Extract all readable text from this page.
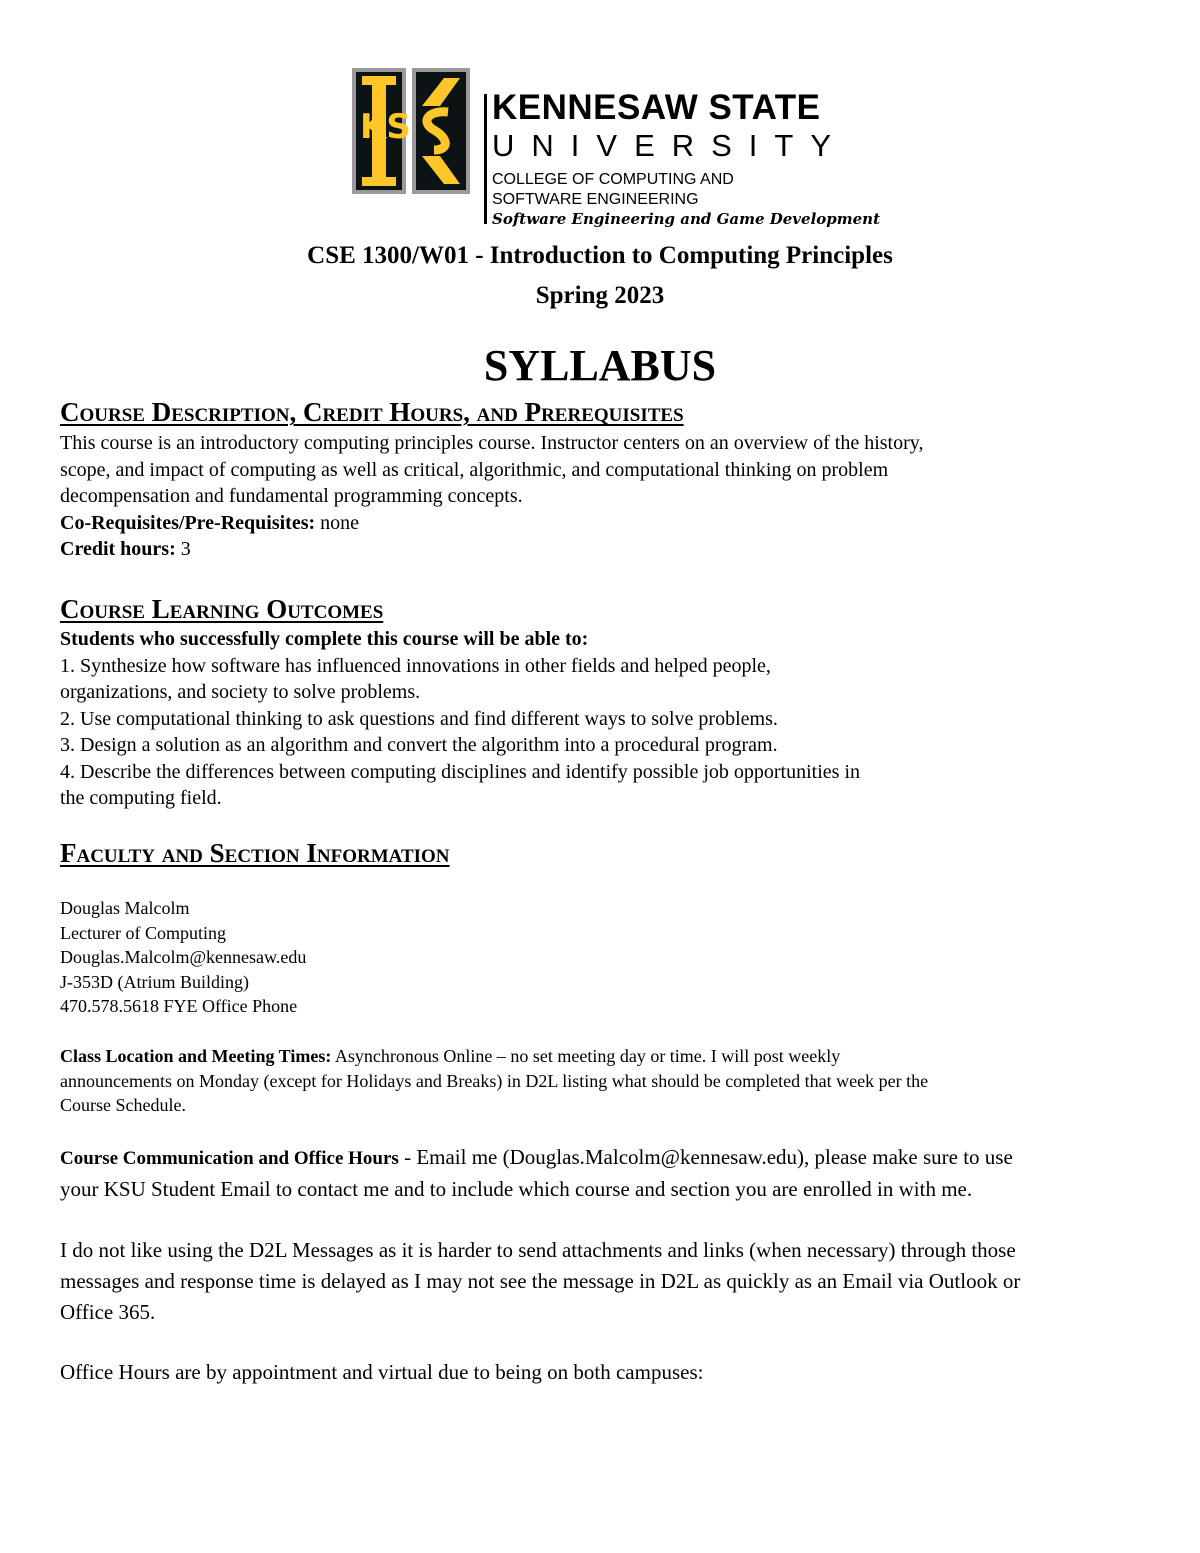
KS KENNESAW STATE
UNIVERSITY
COLLEGE OF COMPUTING AND
SOFTWARE ENGINEERING
Software Engineering and Game Development
CSE 1300/W01 - Introduction to Computing Principles
Spring 2023
SYLLABUS
Course Description, Credit Hours, and Prerequisites
This course is an introductory computing principles course. Instructor centers on an overview of the history,
scope, and impact of computing as well as critical, algorithmic, and computational thinking on problem
decompensation and fundamental programming concepts.
Co-Requisites/Pre-Requisites: none
Credit hours: 3
Course Learning Outcomes
Students who successfully complete this course will be able to:
1. Synthesize how software has influenced innovations in other fields and helped people,
organizations, and society to solve problems.
2. Use computational thinking to ask questions and find different ways to solve problems.
3. Design a solution as an algorithm and convert the algorithm into a procedural program.
4. Describe the differences between computing disciplines and identify possible job opportunities in
the computing field.
Faculty and Section Information
Douglas Malcolm
Lecturer of Computing
Douglas.Malcolm@kennesaw.edu
J-353D (Atrium Building)
470.578.5618 FYE Office Phone
Class Location and Meeting Times: Asynchronous Online – no set meeting day or time. I will post weekly
announcements on Monday (except for Holidays and Breaks) in D2L listing what should be completed that week per the
Course Schedule.
Course Communication and Office Hours - Email me (Douglas.Malcolm@kennesaw.edu), please make sure to use
your KSU Student Email to contact me and to include which course and section you are enrolled in with me.
I do not like using the D2L Messages as it is harder to send attachments and links (when necessary) through those
messages and response time is delayed as I may not see the message in D2L as quickly as an Email via Outlook or
Office 365.
Office Hours are by appointment and virtual due to being on both campuses:
